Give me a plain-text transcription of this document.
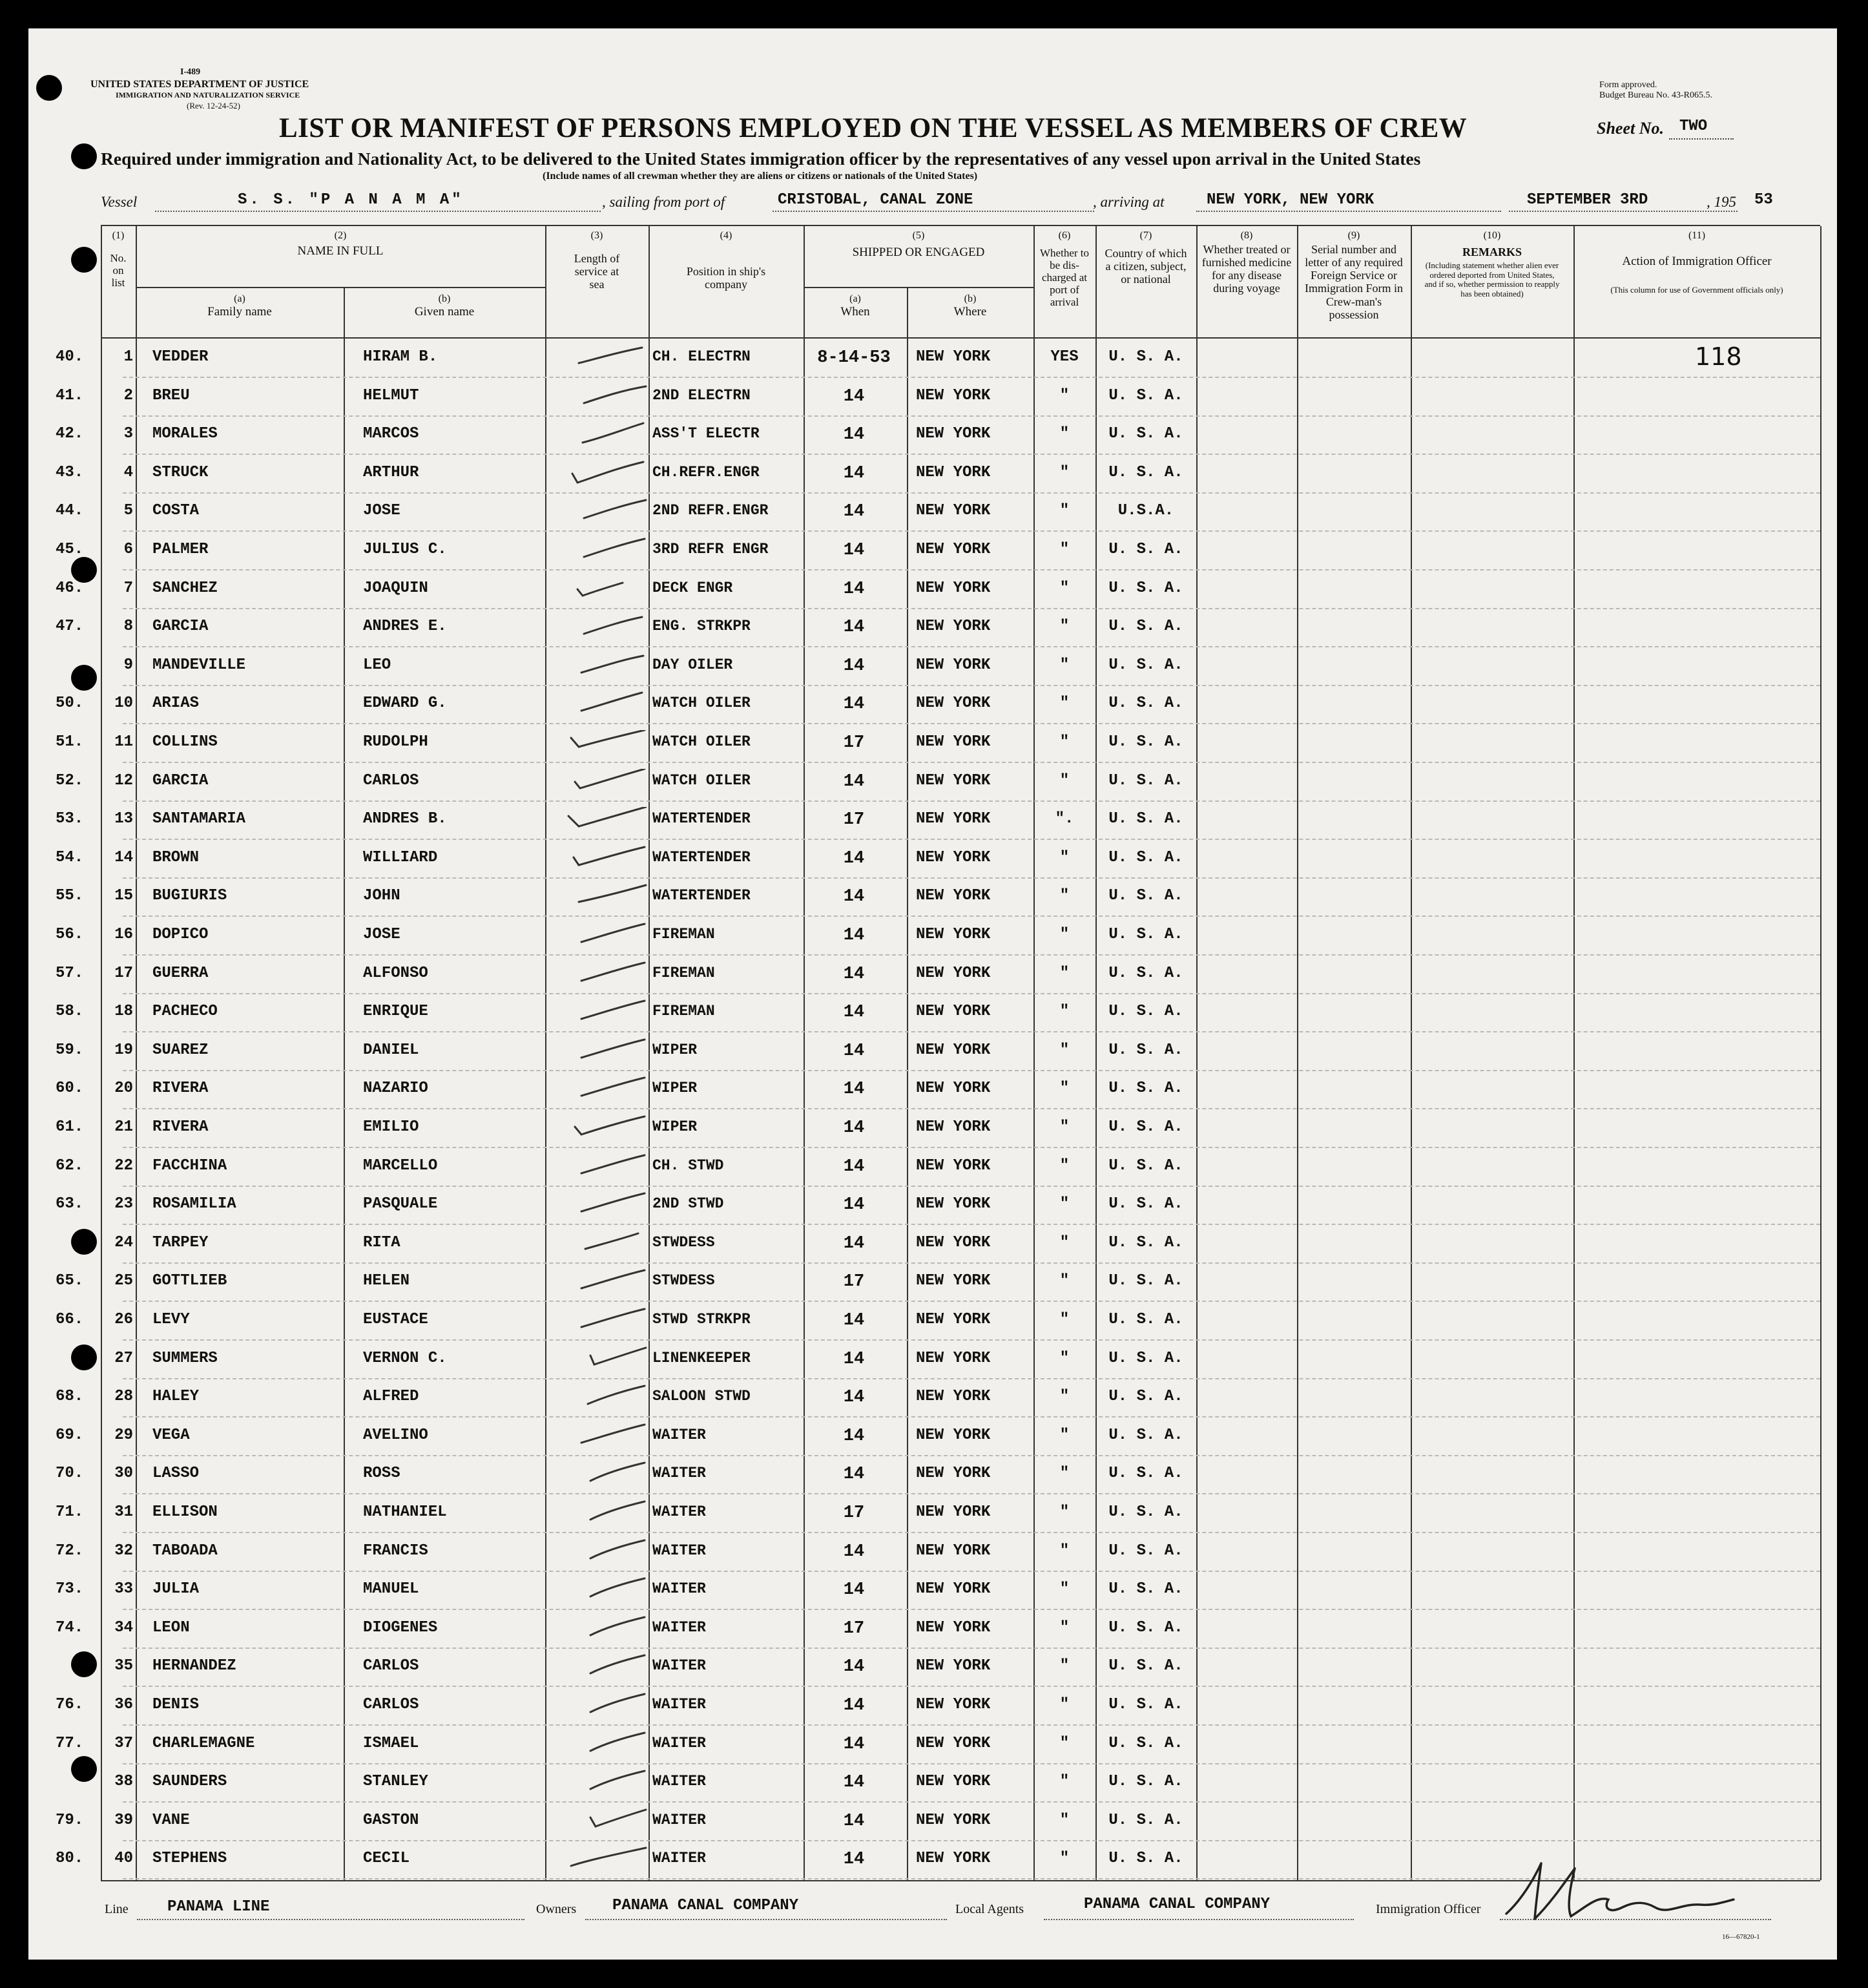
I-489
UNITED STATES DEPARTMENT OF JUSTICE
IMMIGRATION AND NATURALIZATION SERVICE
(Rev. 12-24-52)
Form approved.
Budget Bureau No. 43-R065.5.
LIST OR MANIFEST OF PERSONS EMPLOYED ON THE VESSEL AS MEMBERS OF CREW	Sheet No. TWO
Required under immigration and Nationality Act, to be delivered to the United States immigration officer by the representatives of any vessel upon arrival in the United States
(Include names of all crewman whether they are aliens or citizens or nationals of the United States)
Vessel	S. S. "P A N A M A"	, sailing from port of	CRISTOBAL, CANAL ZONE	, arriving at	NEW YORK, NEW YORK	SEPTEMBER 3RD	, 195 53
(1)
No. on list
(2)
NAME IN FULL
(a)
Family name
(b)
Given name
(3)
Length of service at sea
(4)
Position in ship's company
(5)
SHIPPED OR ENGAGED
(a)
When
(b)
Where
(6)
Whether to be dis-charged at port of arrival
(7)
Country of which a citizen, subject, or national
(8)
Whether treated or furnished medicine for any disease during voyage
(9)
Serial number and letter of any required Foreign Service or Immigration Form in Crew-man's possession
(10)
REMARKS
(Including statement whether alien ever ordered deported from United States, and if so, whether permission to reapply has been obtained)
(11)
Action of Immigration Officer
(This column for use of Government officials only)
118
40.	1 VEDDER	HIRAM B.	CH. ELECTRN	8-14-53	NEW YORK	YES	U. S. A.
41.	2 BREU	HELMUT	2ND ELECTRN	14	NEW YORK	"	U. S. A.
42.	3 MORALES	MARCOS	ASS'T ELECTR	14	NEW YORK	"	U. S. A.
43.	4 STRUCK	ARTHUR	CH.REFR.ENGR	14	NEW YORK	"	U. S. A.
44.	5 COSTA	JOSE	2ND REFR.ENGR	14	NEW YORK	"	U.S.A.
45.	6 PALMER	JULIUS C.	3RD REFR ENGR	14	NEW YORK	"	U. S. A.
46.	7 SANCHEZ	JOAQUIN	DECK ENGR	14	NEW YORK	"	U. S. A.
47.	8 GARCIA	ANDRES E.	ENG. STRKPR	14	NEW YORK	"	U. S. A.
9 MANDEVILLE	LEO	DAY OILER	14	NEW YORK	"	U. S. A.
50.	10 ARIAS	EDWARD G.	WATCH OILER	14	NEW YORK	"	U. S. A.
51.	11 COLLINS	RUDOLPH	WATCH OILER	17	NEW YORK	"	U. S. A.
52.	12 GARCIA	CARLOS	WATCH OILER	14	NEW YORK	"	U. S. A.
53.	13 SANTAMARIA	ANDRES B.	WATERTENDER	17	NEW YORK	".	U. S. A.
54.	14 BROWN	WILLIARD	WATERTENDER	14	NEW YORK	"	U. S. A.
55.	15 BUGIURIS	JOHN	WATERTENDER	14	NEW YORK	"	U. S. A.
56.	16 DOPICO	JOSE	FIREMAN	14	NEW YORK	"	U. S. A.
57.	17 GUERRA	ALFONSO	FIREMAN	14	NEW YORK	"	U. S. A.
58.	18 PACHECO	ENRIQUE	FIREMAN	14	NEW YORK	"	U. S. A.
59.	19 SUAREZ	DANIEL	WIPER	14	NEW YORK	"	U. S. A.
60.	20 RIVERA	NAZARIO	WIPER	14	NEW YORK	"	U. S. A.
61.	21 RIVERA	EMILIO	WIPER	14	NEW YORK	"	U. S. A.
62.	22 FACCHINA	MARCELLO	CH. STWD	14	NEW YORK	"	U. S. A.
63.	23 ROSAMILIA	PASQUALE	2ND STWD	14	NEW YORK	"	U. S. A.
24 TARPEY	RITA	STWDESS	14	NEW YORK	"	U. S. A.
65.	25 GOTTLIEB	HELEN	STWDESS	17	NEW YORK	"	U. S. A.
66.	26 LEVY	EUSTACE	STWD STRKPR	14	NEW YORK	"	U. S. A.
27 SUMMERS	VERNON C.	LINENKEEPER	14	NEW YORK	"	U. S. A.
68.	28 HALEY	ALFRED	SALOON STWD	14	NEW YORK	"	U. S. A.
69.	29 VEGA	AVELINO	WAITER	14	NEW YORK	"	U. S. A.
70.	30 LASSO	ROSS	WAITER	14	NEW YORK	"	U. S. A.
71.	31 ELLISON	NATHANIEL	WAITER	17	NEW YORK	"	U. S. A.
72.	32 TABOADA	FRANCIS	WAITER	14	NEW YORK	"	U. S. A.
73.	33 JULIA	MANUEL	WAITER	14	NEW YORK	"	U. S. A.
74.	34 LEON	DIOGENES	WAITER	17	NEW YORK	"	U. S. A.
35 HERNANDEZ	CARLOS	WAITER	14	NEW YORK	"	U. S. A.
76.	36 DENIS	CARLOS	WAITER	14	NEW YORK	"	U. S. A.
77.	37 CHARLEMAGNE	ISMAEL	WAITER	14	NEW YORK	"	U. S. A.
38 SAUNDERS	STANLEY	WAITER	14	NEW YORK	"	U. S. A.
79.	39 VANE	GASTON	WAITER	14	NEW YORK	"	U. S. A.
80.	40 STEPHENS	CECIL	WAITER	14	NEW YORK	"	U. S. A.
Line	PANAMA LINE	Owners PANAMA CANAL COMPANY	Local Agents	PANAMA CANAL COMPANY	Immigration Officer
16—67820-1
